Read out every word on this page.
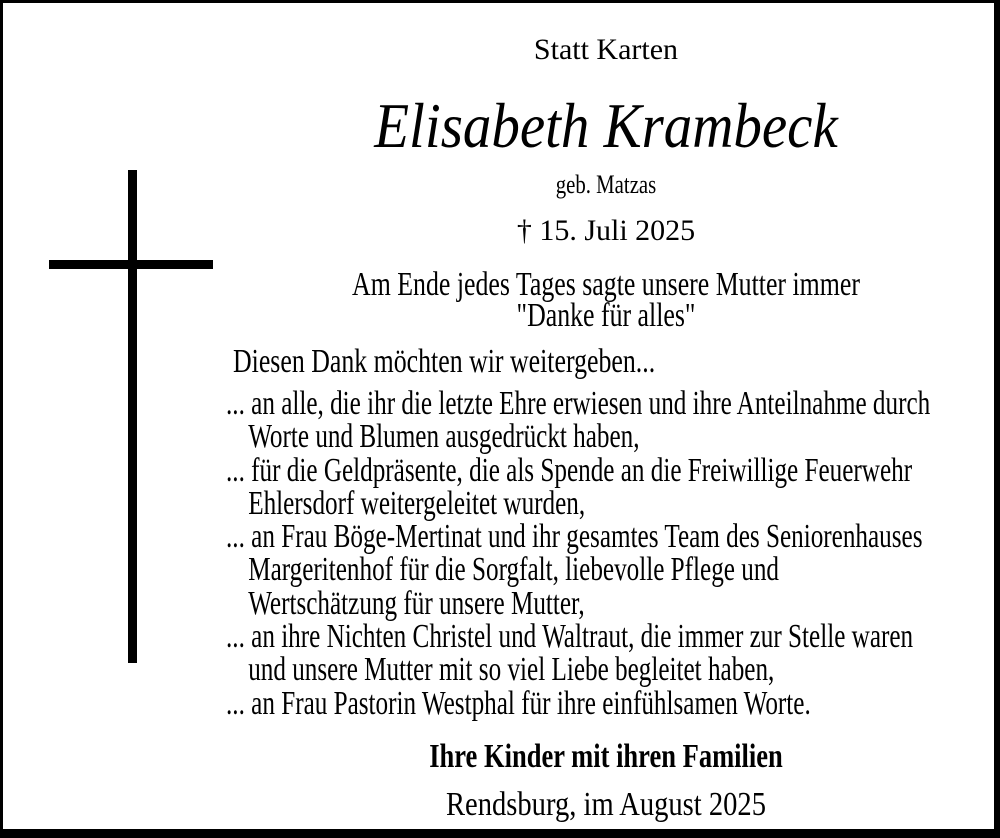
Statt Karten
Elisabeth Krambeck
geb. Matzas
† 15. Juli 2025
Am Ende jedes Tages sagte unsere Mutter immer
"Danke für alles"
Diesen Dank möchten wir weitergeben...
... an alle, die ihr die letzte Ehre erwiesen und ihre Anteilnahme durch
Worte und Blumen ausgedrückt haben,
... für die Geldpräsente, die als Spende an die Freiwillige Feuerwehr
Ehlersdorf weitergeleitet wurden,
... an Frau Böge-Mertinat und ihr gesamtes Team des Seniorenhauses
Margeritenhof für die Sorgfalt, liebevolle Pflege und
Wertschätzung für unsere Mutter,
... an ihre Nichten Christel und Waltraut, die immer zur Stelle waren
und unsere Mutter mit so viel Liebe begleitet haben,
... an Frau Pastorin Westphal für ihre einfühlsamen Worte.
Ihre Kinder mit ihren Familien
Rendsburg, im August 2025
